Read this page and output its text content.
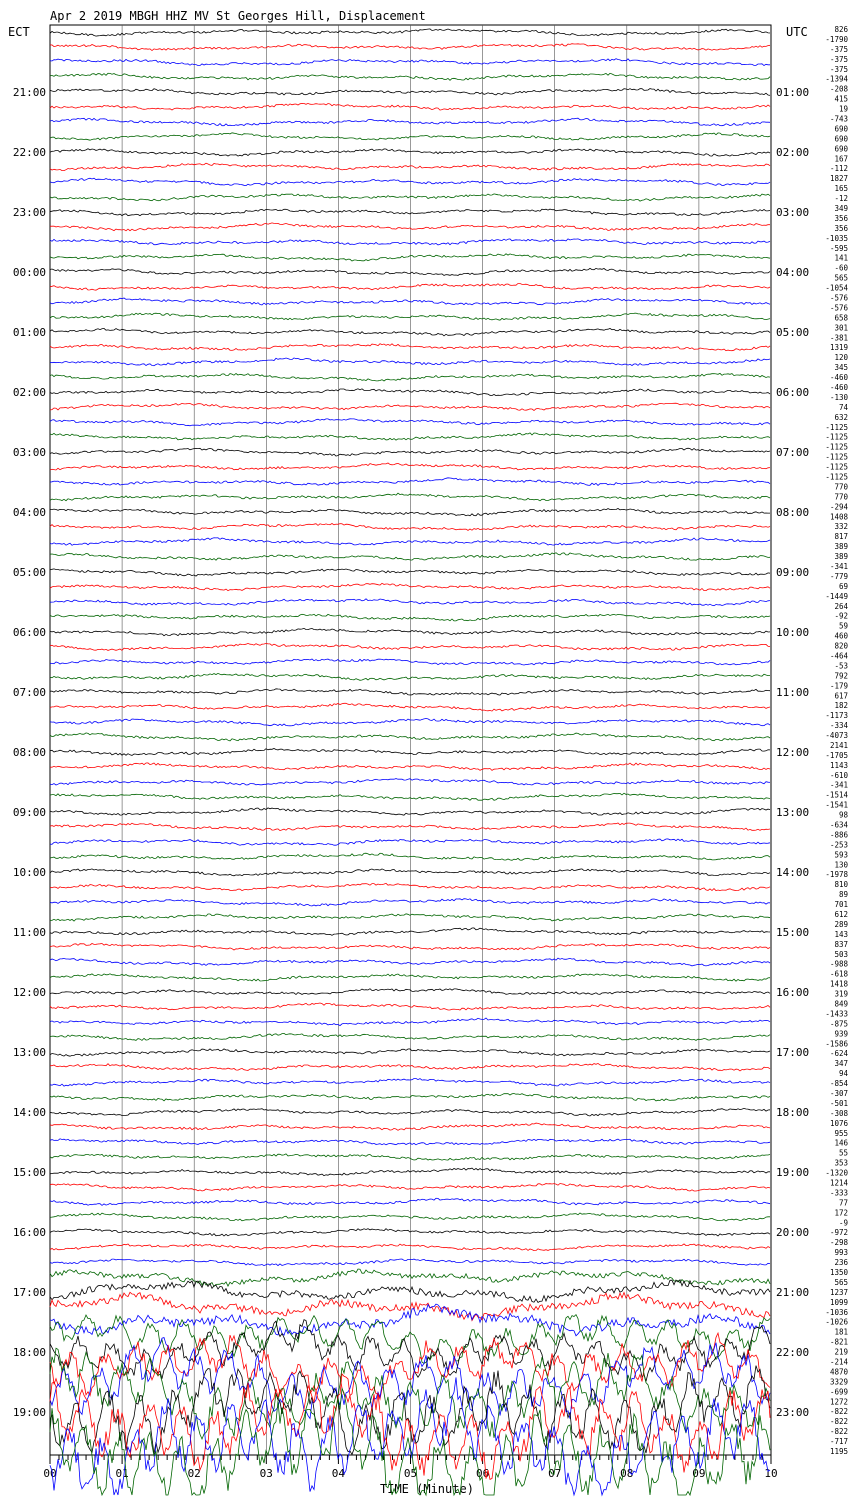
Apr 2 2019 MBGH HHZ MV St Georges Hill, Displacement
ECT	UTC
TIME (Minute)
00	01	02	03	04	05	06	07	08	09	10
21:00
22:00
23:00
00:00
01:00
02:00
03:00
04:00
05:00
06:00
07:00
08:00
09:00
10:00
11:00
12:00
13:00
14:00
15:00
16:00
17:00
18:00
19:00
01:00
02:00
03:00
04:00
05:00
06:00
07:00
08:00
09:00
10:00
11:00
12:00
13:00
14:00
15:00
16:00
17:00
18:00
19:00
20:00
21:00
22:00
23:00
826
-1790
-375
-375
-375
-1394
-208
415
19
-743
690
690
690
167
-112
1827
165
-12
349
356
356
-1035
-595
141
-60
565
-1054
-576
-576
658
301
-381
1319
120
345
-460
-460
-130
74
632
-1125
-1125
-1125
-1125
-1125
-1125
770
770
-294
1408
332
817
389
389
-341
-779
69
-1449
264
-92
59
460
820
-464
-53
792
-179
617
182
-1173
-334
-4073
2141
-1705
1143
-610
-341
-1514
-1541
98
-634
-886
-253
593
130
-1978
810
89
701
612
289
143
837
503
-988
-618
1418
319
849
-1433
-875
939
-1586
-624
347
94
-854
-307
-501
-308
1076
955
146
55
353
-1320
1214
-333
77
172
-9
-972
-298
993
236
1350
565
1237
1099
-1036
-1026
181
-821
219
-214
4870
3329
-699
1272
-822
-822
-822
-717
1195
